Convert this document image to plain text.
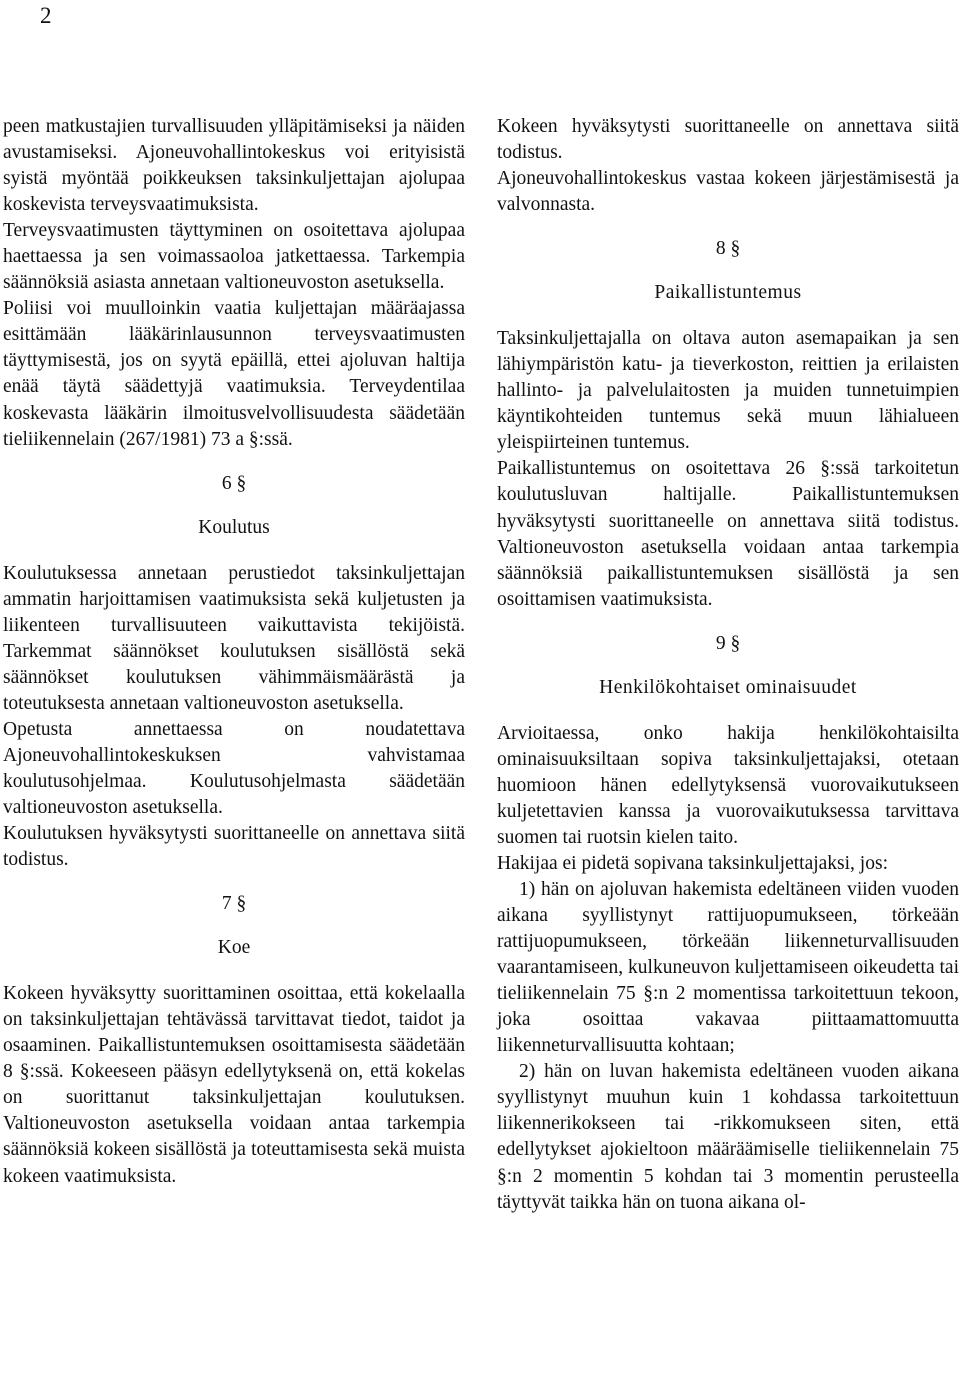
2

peen matkustajien turvallisuuden ylläpitämiseksi ja näiden avustamiseksi. Ajoneuvohallintokeskus voi erityisistä syistä myöntää poikkeuksen taksinkuljettajan ajolupaa koskevista terveysvaatimuksista.

Terveysvaatimusten täyttyminen on osoitettava ajolupaa haettaessa ja sen voimassaoloa jatkettaessa. Tarkempia säännöksiä asiasta annetaan valtioneuvoston asetuksella.

Poliisi voi muulloinkin vaatia kuljettajan määräajassa esittämään lääkärinlausunnon terveysvaatimusten täyttymisestä, jos on syytä epäillä, ettei ajoluvan haltija enää täytä säädettyjä vaatimuksia. Terveydentilaa koskevasta lääkärin ilmoitusvelvollisuudesta säädetään tieliikennelain (267/1981) 73 a §:ssä.

6 §
Koulutus

Koulutuksessa annetaan perustiedot taksinkuljettajan ammatin harjoittamisen vaatimuksista sekä kuljetusten ja liikenteen turvallisuuteen vaikuttavista tekijöistä. Tarkemmat säännökset koulutuksen sisällöstä sekä säännökset koulutuksen vähimmäismäärästä ja toteutuksesta annetaan valtioneuvoston asetuksella.

Opetusta annettaessa on noudatettava Ajoneuvohallintokeskuksen vahvistamaa koulutusohjelmaa. Koulutusohjelmasta säädetään valtioneuvoston asetuksella.

Koulutuksen hyväksytysti suorittaneelle on annettava siitä todistus.

7 §
Koe

Kokeen hyväksytty suorittaminen osoittaa, että kokelaalla on taksinkuljettajan tehtävässä tarvittavat tiedot, taidot ja osaaminen. Paikallistuntemuksen osoittamisesta säädetään 8 §:ssä. Kokeeseen pääsyn edellytyksenä on, että kokelas on suorittanut taksinkuljettajan koulutuksen. Valtioneuvoston asetuksella voidaan antaa tarkempia säännöksiä kokeen sisällöstä ja toteuttamisesta sekä muista kokeen vaatimuksista.

Kokeen hyväksytysti suorittaneelle on annettava siitä todistus.

Ajoneuvohallintokeskus vastaa kokeen järjestämisestä ja valvonnasta.

8 §
Paikallistuntemus

Taksinkuljettajalla on oltava auton asemapaikan ja sen lähiympäristön katu- ja tieverkoston, reittien ja erilaisten hallinto- ja palvelulaitosten ja muiden tunnetuimpien käyntikohteiden tuntemus sekä muun lähialueen yleispiirteinen tuntemus.

Paikallistuntemus on osoitettava 26 §:ssä tarkoitetun koulutusluvan haltijalle. Paikallistuntemuksen hyväksytysti suorittaneelle on annettava siitä todistus. Valtioneuvoston asetuksella voidaan antaa tarkempia säännöksiä paikallistuntemuksen sisällöstä ja sen osoittamisen vaatimuksista.

9 §
Henkilökohtaiset ominaisuudet

Arvioitaessa, onko hakija henkilökohtaisilta ominaisuuksiltaan sopiva taksinkuljettajaksi, otetaan huomioon hänen edellytyksensä vuorovaikutukseen kuljetettavien kanssa ja vuorovaikutuksessa tarvittava suomen tai ruotsin kielen taito.

Hakijaa ei pidetä sopivana taksinkuljettajaksi, jos:

1) hän on ajoluvan hakemista edeltäneen viiden vuoden aikana syyllistynyt rattijuopumukseen, törkeään rattijuopumukseen, törkeään liikenneturvallisuuden vaarantamiseen, kulkuneuvon kuljettamiseen oikeudetta tai tieliikennelain 75 §:n 2 momentissa tarkoitettuun tekoon, joka osoittaa vakavaa piittaamattomuutta liikenneturvallisuutta kohtaan;

2) hän on luvan hakemista edeltäneen vuoden aikana syyllistynyt muuhun kuin 1 kohdassa tarkoitettuun liikennerikokseen tai -rikkomukseen siten, että edellytykset ajokieltoon määräämiselle tieliikennelain 75 §:n 2 momentin 5 kohdan tai 3 momentin perusteella täyttyvät taikka hän on tuona aikana ol-
